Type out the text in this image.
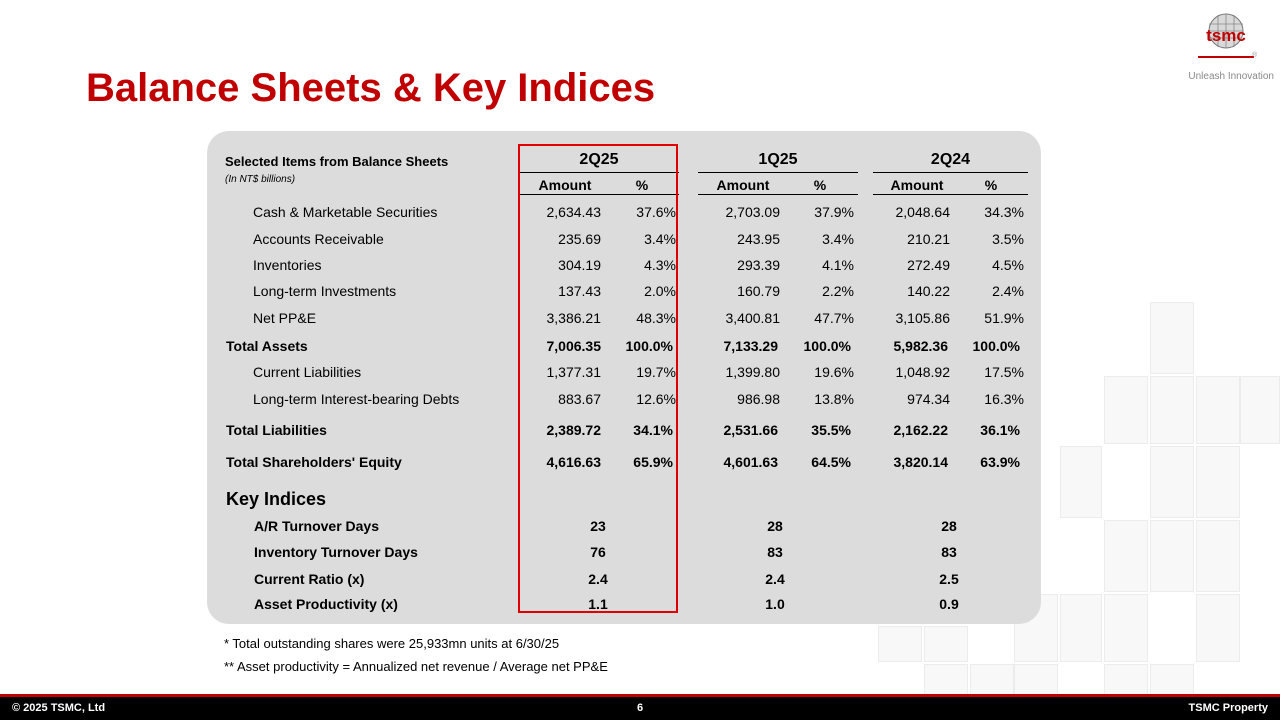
Balance Sheets & Key Indices
tsmc
®
Unleash Innovation
Selected Items from Balance Sheets
(In NT$ billions)
2Q25	1Q25	2Q24
Amount	%	Amount	%	Amount	%
Cash & Marketable Securities	2,634.43	37.6%	2,703.09	37.9%	2,048.64	34.3%
Accounts Receivable	235.69	3.4%	243.95	3.4%	210.21	3.5%
Inventories	304.19	4.3%	293.39	4.1%	272.49	4.5%
Long-term Investments	137.43	2.0%	160.79	2.2%	140.22	2.4%
Net PP&E	3,386.21	48.3%	3,400.81	47.7%	3,105.86	51.9%
Total Assets	7,006.35	100.0%	7,133.29	100.0%	5,982.36	100.0%
Current Liabilities	1,377.31	19.7%	1,399.80	19.6%	1,048.92	17.5%
Long-term Interest-bearing Debts	883.67	12.6%	986.98	13.8%	974.34	16.3%
Total Liabilities	2,389.72	34.1%	2,531.66	35.5%	2,162.22	36.1%
Total Shareholders' Equity	4,616.63	65.9%	4,601.63	64.5%	3,820.14	63.9%
Key Indices
A/R Turnover Days	23	28	28
Inventory Turnover Days	76	83	83
Current Ratio (x)	2.4	2.4	2.5
Asset Productivity (x)	1.1	1.0	0.9
* Total outstanding shares were 25,933mn units at 6/30/25
** Asset productivity = Annualized net revenue / Average net PP&E
© 2025 TSMC, Ltd	6	TSMC Property
